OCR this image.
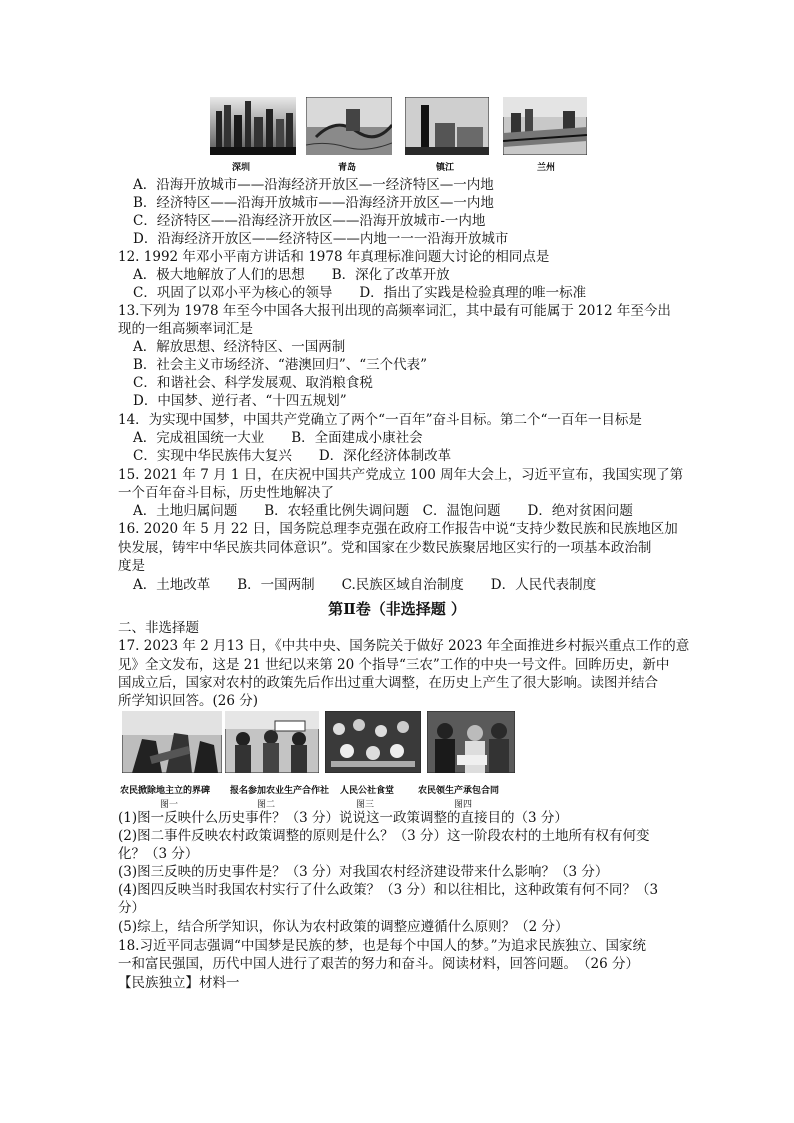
深圳	青岛	镇江	兰州
A．沿海开放城市——沿海经济开放区—一经济特区—一内地
B．经济特区——沿海开放城市——沿海经济开放区—一内地
C．经济特区——沿海经济开放区——沿海开放城市-一内地
D．沿海经济开放区——经济特区——内地一一一沿海开放城市
12. 1992 年邓小平南方讲话和 1978 年真理标准问题大讨论的相同点是
A．极大地解放了人们的思想　　B．深化了改革开放
C．巩固了以邓小平为核心的领导　　D．指出了实践是检验真理的唯一标准
13.下列为 1978 年至今中国各大报刊出现的高频率词汇，其中最有可能属于 2012 年至今出
现的一组高频率词汇是
A．解放思想、经济特区、一国两制
B．社会主义市场经济、“港澳回归”、“三个代表”
C．和谐社会、科学发展观、取消粮食税
D．中国梦、逆行者、“十四五规划”
14．为实现中国梦，中国共产党确立了两个“一百年”奋斗目标。第二个“一百年一目标是
A．完成祖国统一大业　　B．全面建成小康社会
C．实现中华民族伟大复兴　　D．深化经济体制改革
15. 2021 年 7 月 1 日，在庆祝中国共产党成立 100 周年大会上，习近平宣布，我国实现了第
一个百年奋斗目标，历史性地解决了
A．土地归属问题　　B．农轻重比例失调问题　C．温饱问题　　D．绝对贫困问题
16. 2020 年 5 月 22 日，国务院总理李克强在政府工作报告中说“支持少数民族和民族地区加
快发展，铸牢中华民族共同体意识”。党和国家在少数民族聚居地区实行的一项基本政治制
度是
A．土地改革　　B．一国两制　　C.民族区域自治制度　　D．人民代表制度
第Ⅱ卷（非选择题 ）
二、非选择题
17. 2023 年 2 月13 日，《中共中央、国务院关于做好 2023 年全面推进乡村振兴重点工作的意
见》全文发布，这是 21 世纪以来第 20 个指导“三农”工作的中央一号文件。回眸历史，新中
国成立后，国家对农村的政策先后作出过重大调整，在历史上产生了很大影响。读图并结合
所学知识回答。(26 分)
农民掀除地主立的界碑 报名参加农业生产合作社 人民公社食堂	农民领生产承包合同
图一	图二	图三	图四
(1)图一反映什么历史事件？（3 分）说说这一政策调整的直接目的（3 分）
(2)图二事件反映农村政策调整的原则是什么？（3 分）这一阶段农村的土地所有权有何变
化？（3 分）
(3)图三反映的历史事件是？（3 分）对我国农村经济建设带来什么影响？（3 分）
(4)图四反映当时我国农村实行了什么政策？（3 分）和以往相比，这种政策有何不同？（3
分）
(5)综上，结合所学知识，你认为农村政策的调整应遵循什么原则？（2 分）
18.习近平同志强调“中国梦是民族的梦，也是每个中国人的梦。”为追求民族独立、国家统
一和富民强国，历代中国人进行了艰苦的努力和奋斗。阅读材料，回答问题。　（26 分）
【民族独立】材料一
